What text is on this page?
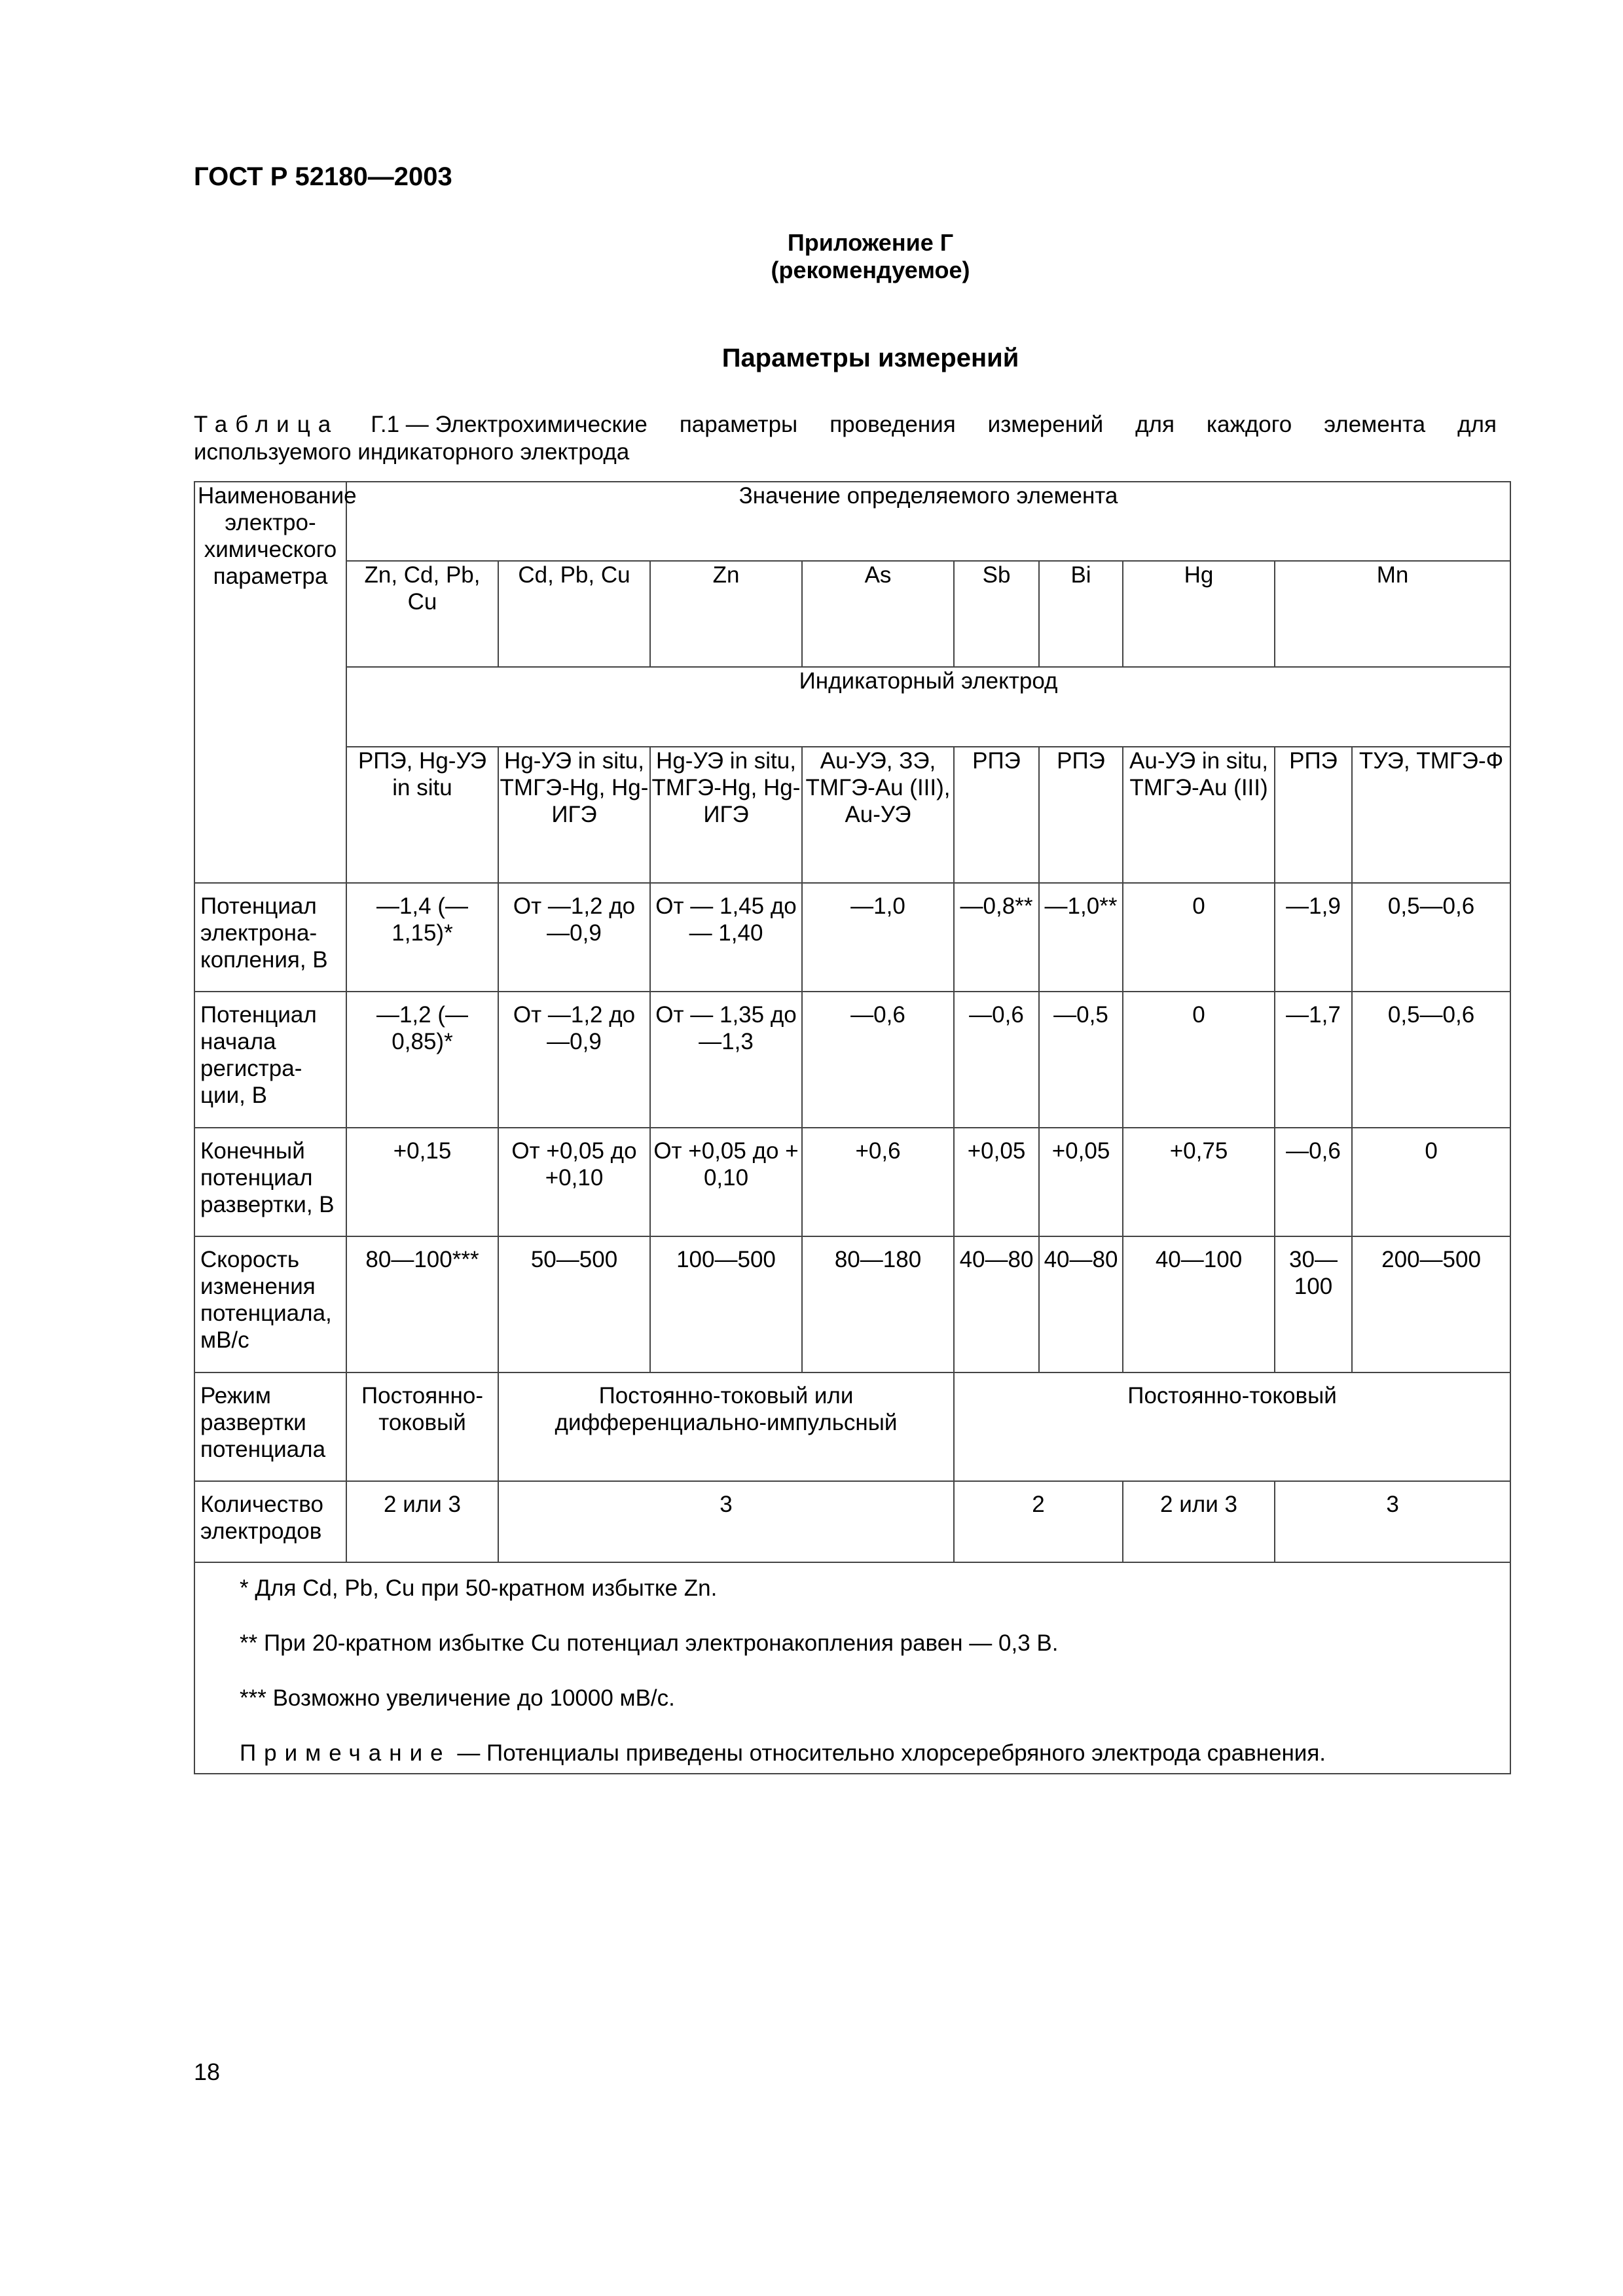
ГОСТ Р 52180—2003
Приложение Г
(рекомендуемое)
Параметры измерений
Таблица Г.1 — Электрохимические параметры проведения измерений для каждого элемента для
используемого индикаторного электрода
Наименование электро-химического параметра	Значение определяемого элемента								
	Zn, Cd, Pb, Cu	Cd, Pb, Cu	Zn	As	Sb	Bi	Hg	Mn	
	Индикаторный электрод								
	РПЭ, Hg-УЭ in situ	Hg-УЭ in situ, ТМГЭ-Hg, Hg-ИГЭ	Hg-УЭ in situ, ТМГЭ-Hg, Hg-ИГЭ	Au-УЭ, ЗЭ, ТМГЭ-Au (III), Au-УЭ	РПЭ	РПЭ	Au-УЭ in situ, ТМГЭ-Au (III)	РПЭ	ТУЭ, ТМГЭ-Ф
Потенциал электрона-копления, В	—1,4 (—1,15)*	От —1,2 до —0,9	От — 1,45 до — 1,40	—1,0	—0,8**	—1,0**	0	—1,9	0,5—0,6
Потенциал начала регистра-ции, В	—1,2 (—0,85)*	От —1,2 до —0,9	От — 1,35 до —1,3	—0,6	—0,6	—0,5	0	—1,7	0,5—0,6
Конечный потенциал развертки, В	+0,15	От +0,05 до +0,10	От +0,05 до + 0,10	+0,6	+0,05	+0,05	+0,75	—0,6	0
Скорость изменения потенциала, мВ/с	80—100***	50—500	100—500	80—180	40—80	40—80	40—100	30—100	200—500
Режим развертки потенциала	Постоянно-токовый	Постоянно-токовый или дифференциально-импульсный			Постоянно-токовый				
Количество электродов	2 или 3	3			2		2 или 3	3	

* Для Cd, Pb, Cu при 50-кратном избытке Zn.
** При 20-кратном избытке Cu потенциал электронакопления равен — 0,3 В.
*** Возможно увеличение до 10000 мВ/с.
Примечание — Потенциалы приведены относительно хлорсеребряного электрода сравнения.									
18
